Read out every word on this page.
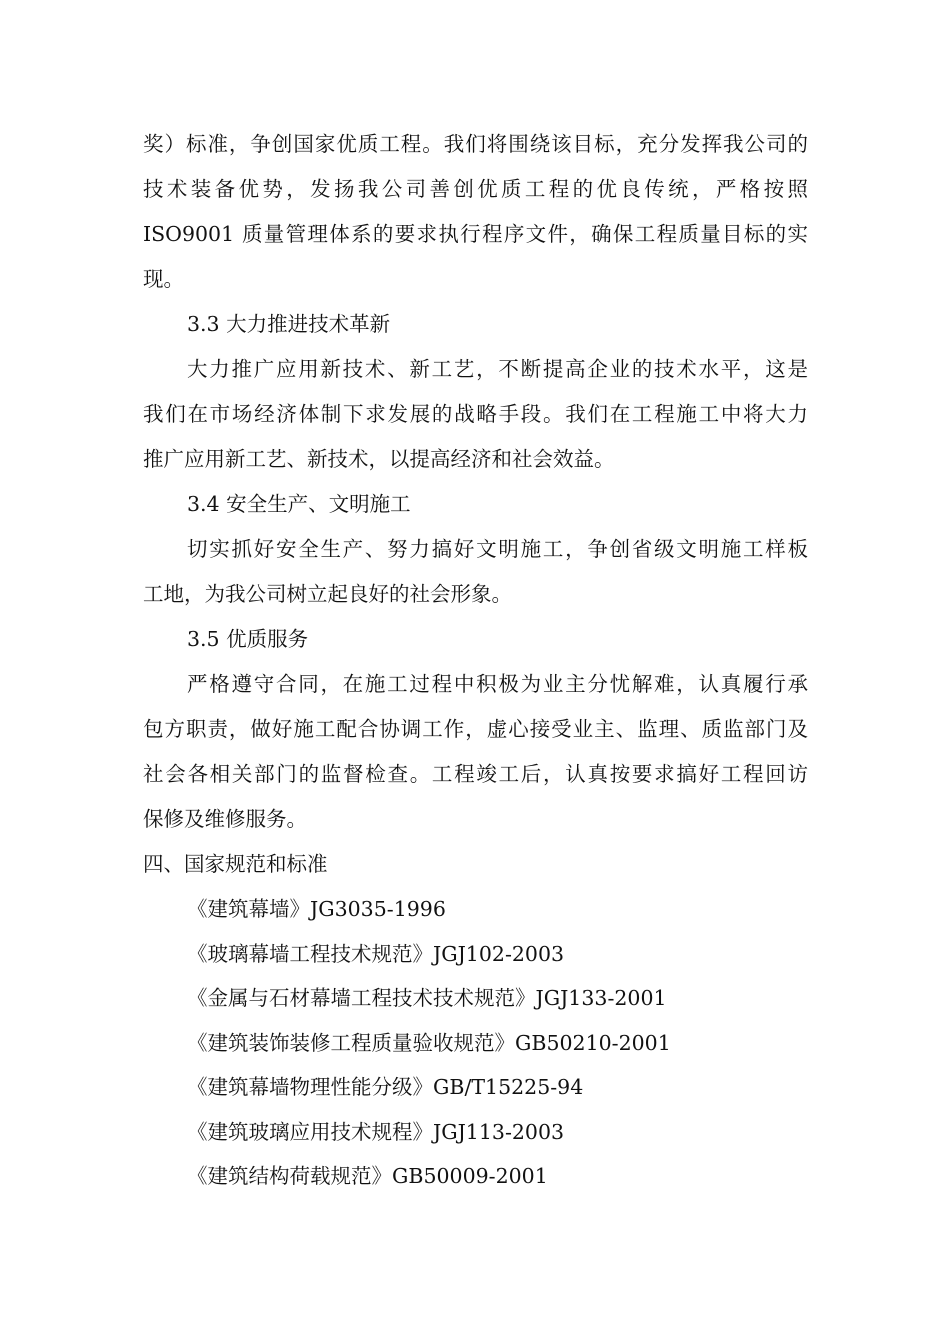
奖）标准，争创国家优质工程。我们将围绕该目标，充分发挥我公司的
技术装备优势，发扬我公司善创优质工程的优良传统，严格按照
ISO9001 质量管理体系的要求执行程序文件，确保工程质量目标的实
现。
3.3 大力推进技术革新
大力推广应用新技术、新工艺，不断提高企业的技术水平，这是
我们在市场经济体制下求发展的战略手段。我们在工程施工中将大力
推广应用新工艺、新技术，以提高经济和社会效益。
3.4 安全生产、文明施工
切实抓好安全生产、努力搞好文明施工，争创省级文明施工样板
工地，为我公司树立起良好的社会形象。
3.5 优质服务
严格遵守合同，在施工过程中积极为业主分忧解难，认真履行承
包方职责，做好施工配合协调工作，虚心接受业主、监理、质监部门及
社会各相关部门的监督检查。工程竣工后，认真按要求搞好工程回访
保修及维修服务。
四、国家规范和标准
《建筑幕墙》JG3035-1996
《玻璃幕墙工程技术规范》JGJ102-2003
《金属与石材幕墙工程技术技术规范》JGJ133-2001
《建筑装饰装修工程质量验收规范》GB50210-2001
《建筑幕墙物理性能分级》GB/T15225-94
《建筑玻璃应用技术规程》JGJ113-2003
《建筑结构荷载规范》GB50009-2001
